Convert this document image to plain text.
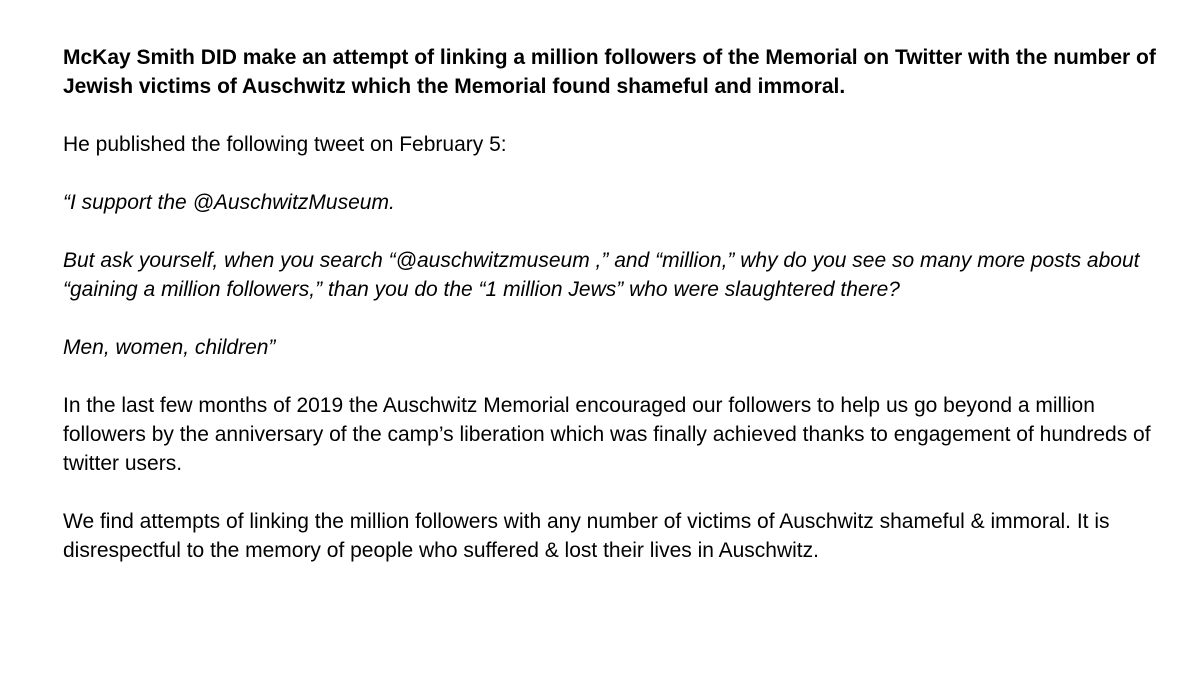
McKay Smith DID make an attempt of linking a million followers of the Memorial on Twitter with the number of Jewish victims of Auschwitz which the Memorial found shameful and immoral.

He published the following tweet on February 5:

“I support the @AuschwitzMuseum.

But ask yourself, when you search “@auschwitzmuseum ,” and “million,” why do you see so many more posts about “gaining a million followers,” than you do the “1 million Jews” who were slaughtered there?

Men, women, children”

In the last few months of 2019 the Auschwitz Memorial encouraged our followers to help us go beyond a million followers by the anniversary of the camp’s liberation which was finally achieved thanks to engagement of hundreds of twitter users.

We find attempts of linking the million followers with any number of victims of Auschwitz shameful & immoral. It is disrespectful to the memory of people who suffered & lost their lives in Auschwitz.
